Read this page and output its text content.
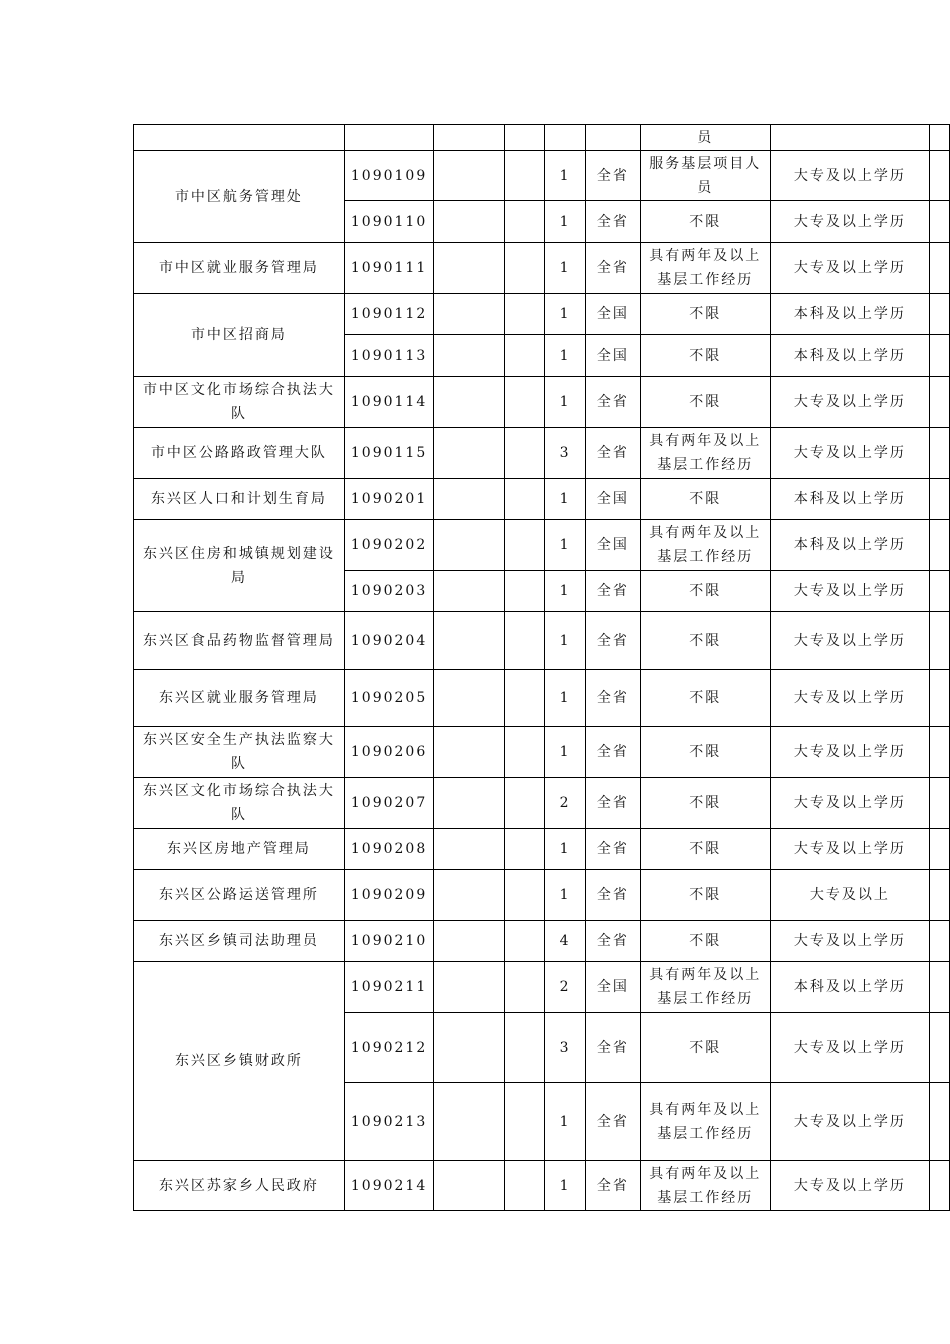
						员		
市中区航务管理处	1090109			1	全省	服务基层项目人员	大专及以上学历	
	1090110			1	全省	不限	大专及以上学历	
市中区就业服务管理局	1090111			1	全省	具有两年及以上基层工作经历	大专及以上学历	
市中区招商局	1090112			1	全国	不限	本科及以上学历	
	1090113			1	全国	不限	本科及以上学历	
市中区文化市场综合执法大队	1090114			1	全省	不限	大专及以上学历	
市中区公路路政管理大队	1090115			3	全省	具有两年及以上基层工作经历	大专及以上学历	
东兴区人口和计划生育局	1090201			1	全国	不限	本科及以上学历	
东兴区住房和城镇规划建设局	1090202			1	全国	具有两年及以上基层工作经历	本科及以上学历	
	1090203			1	全省	不限	大专及以上学历	
东兴区食品药物监督管理局	1090204			1	全省	不限	大专及以上学历	
东兴区就业服务管理局	1090205			1	全省	不限	大专及以上学历	
东兴区安全生产执法监察大队	1090206			1	全省	不限	大专及以上学历	
东兴区文化市场综合执法大队	1090207			2	全省	不限	大专及以上学历	
东兴区房地产管理局	1090208			1	全省	不限	大专及以上学历	
东兴区公路运送管理所	1090209			1	全省	不限	大专及以上	
东兴区乡镇司法助理员	1090210			4	全省	不限	大专及以上学历	
东兴区乡镇财政所	1090211			2	全国	具有两年及以上基层工作经历	本科及以上学历	
	1090212			3	全省	不限	大专及以上学历	
	1090213			1	全省	具有两年及以上基层工作经历	大专及以上学历	
东兴区苏家乡人民政府	1090214			1	全省	具有两年及以上基层工作经历	大专及以上学历	
